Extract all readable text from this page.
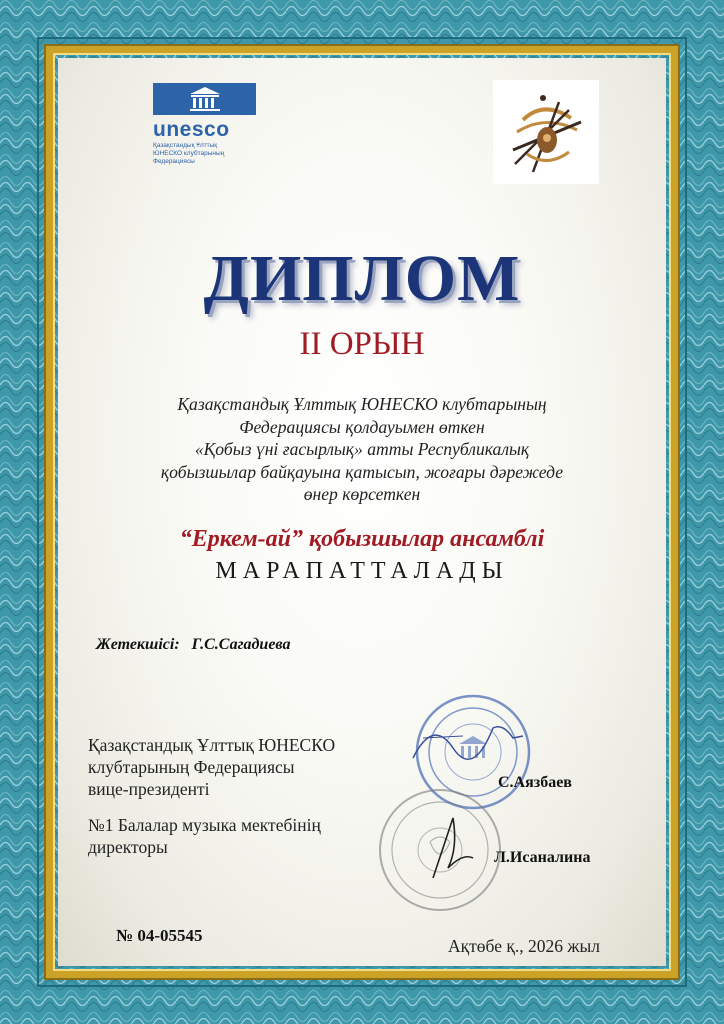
unesco
Қазақстандық Ұлттық
ЮНЕСКО клубтарының
Федерациясы
ДИПЛОМ
II ОРЫН
Қазақстандық Ұлттық ЮНЕСКО клубтарының
Федерациясы қолдауымен өткен
«Қобыз үні ғасырлық» атты Республикалық
қобызшылар байқауына қатысып, жоғары дәрежеде
өнер көрсеткен
“Еркем-ай” қобызшылар ансамблі
МАРАПАТТАЛАДЫ
Жетекшісі: Г.С.Сагадиева
Қазақстандық Ұлттық ЮНЕСКО
клубтарының Федерациясы
вице-президенті	С.Аязбаев
№1 Балалар музыка мектебінің
директоры
Л.Исаналина
№ 04-05545
Ақтөбе қ., 2026 жыл
